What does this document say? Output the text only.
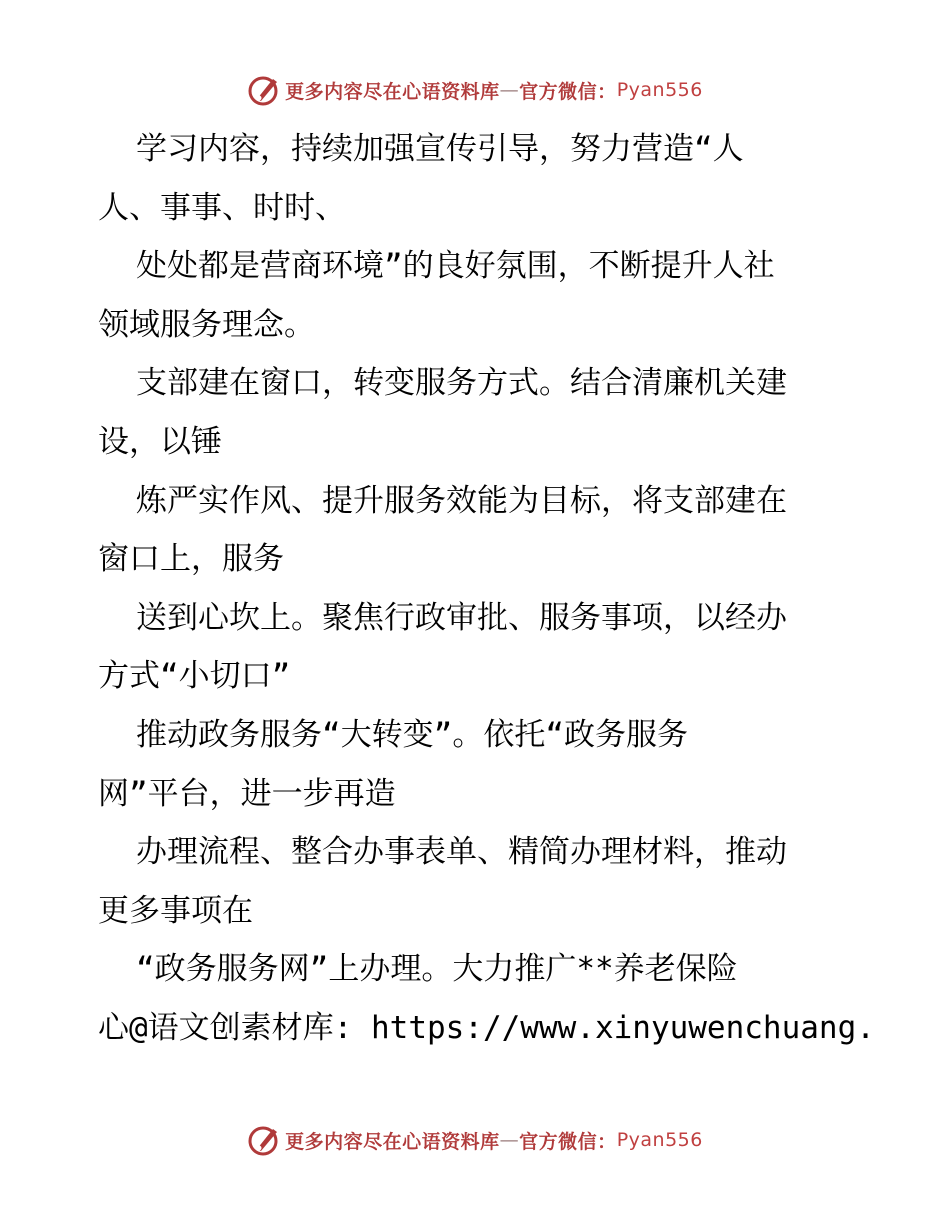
更多内容尽在心语资料库 — 官方微信： Pyan556
学习内容，持续加强宣传引导，努力营造“人
人、事事、时时、
处处都是营商环境”的良好氛围，不断提升人社
领域服务理念。
支部建在窗口，转变服务方式。结合清廉机关建
设，以锤
炼严实作风、提升服务效能为目标，将支部建在
窗口上，服务
送到心坎上。聚焦行政审批、服务事项，以经办
方式“小切口”
推动政务服务“大转变”。依托“政务服务
网”平台，进一步再造
办理流程、整合办事表单、精简办理材料，推动
更多事项在
“政务服务网”上办理。大力推广**养老保险
心@语文创素材库: https://www.xinyuwenchuang.
更多内容尽在心语资料库 — 官方微信： Pyan556
